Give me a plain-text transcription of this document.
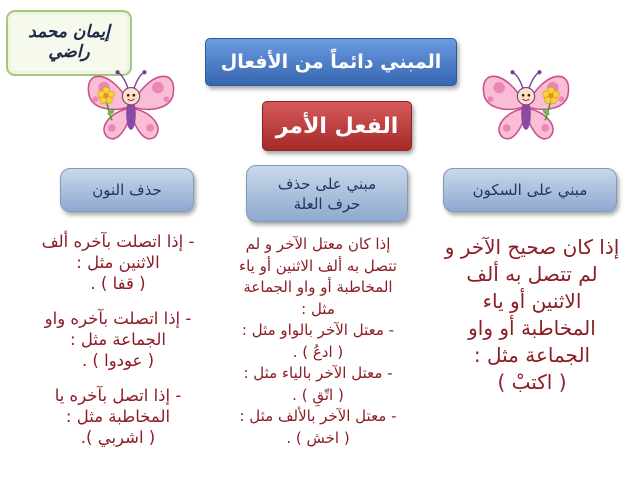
إيمان محمد راضي	المبني دائماً من الأفعال
الفعل الأمر
مبني على السكون
مبني على حذف
حرف العلة
حذف النون
إذا كان صحيح الآخر و
لم تتصل به ألف
الاثنين أو ياء
المخاطبة أو واو
الجماعة مثل :
( اكتبْ )
إذا كان معتل الآخر و لم
تتصل به ألف الاثنين أو ياء
المخاطبة أو واو الجماعة
مثل :
- معتل الآخر بالواو مثل :
( ادعُ ) .
- معتل الآخر بالياء مثل :
( اتّقِ ) .
- معتل الآخر بالألف مثل :
( اخش ) .
- إذا اتصلت بآخره ألف
الاثنين مثل :
( قفا ) .
- إذا اتصلت بآخره واو
الجماعة مثل :
( عودوا ) .
- إذا اتصل بآخره يا
المخاطبة مثل :
( اشربي ).
